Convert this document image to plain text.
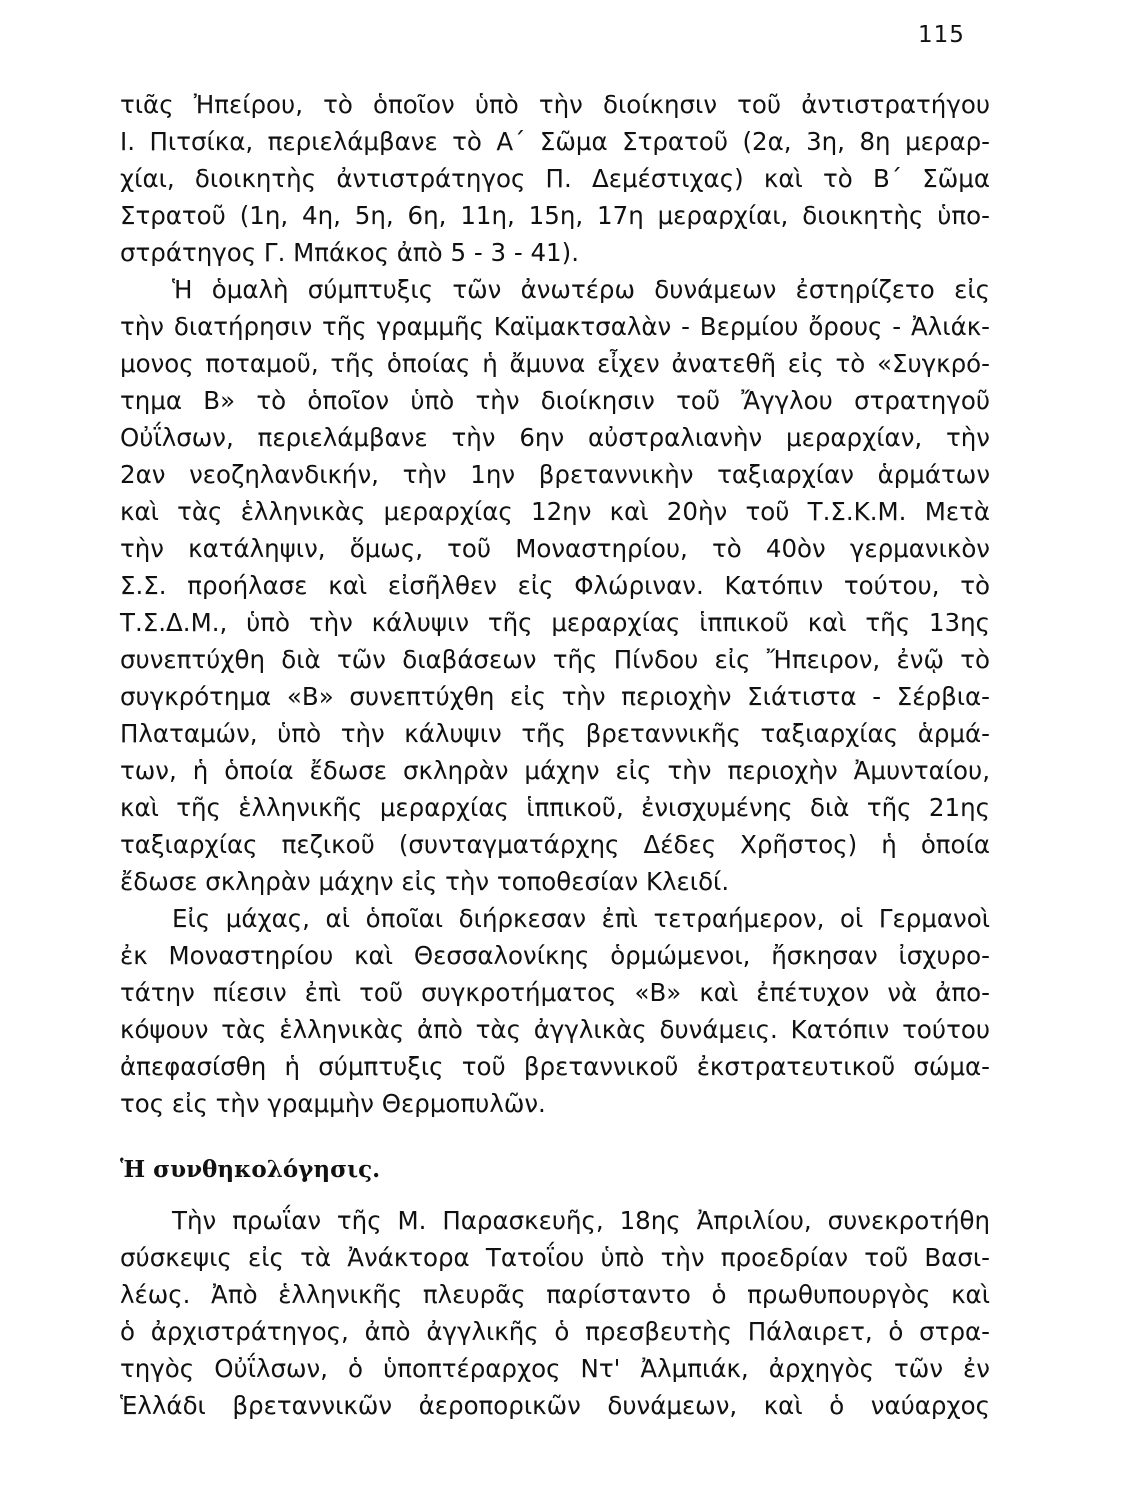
115
τιᾶς Ἠπείρου, τὸ ὁποῖον ὑπὸ τὴν διοίκησιν τοῦ ἀντιστρατήγου
Ι. Πιτσίκα, περιελάμβανε τὸ Α΄ Σῶμα Στρατοῦ (2α, 3η, 8η μεραρ-
χίαι, διοικητὴς ἀντιστράτηγος Π. Δεμέστιχας) καὶ τὸ Β΄ Σῶμα
Στρατοῦ (1η, 4η, 5η, 6η, 11η, 15η, 17η μεραρχίαι, διοικητὴς ὑπο-
στράτηγος Γ. Μπάκος ἀπὸ 5 - 3 - 41).
Ἡ ὁμαλὴ σύμπτυξις τῶν ἀνωτέρω δυνάμεων ἐστηρίζετο εἰς
τὴν διατήρησιν τῆς γραμμῆς Καϊμακτσαλὰν - Βερμίου ὄρους - Ἀλιάκ-
μονος ποταμοῦ, τῆς ὁποίας ἡ ἄμυνα εἶχεν ἀνατεθῆ εἰς τὸ «Συγκρό-
τημα Β» τὸ ὁποῖον ὑπὸ τὴν διοίκησιν τοῦ Ἄγγλου στρατηγοῦ
Οὐΐλσων, περιελάμβανε τὴν 6ην αὐστραλιανὴν μεραρχίαν, τὴν
2αν νεοζηλανδικήν, τὴν 1ην βρεταννικὴν ταξιαρχίαν ἁρμάτων
καὶ τὰς ἑλληνικὰς μεραρχίας 12ην καὶ 20ὴν τοῦ Τ.Σ.Κ.Μ. Μετὰ
τὴν κατάληψιν, ὅμως, τοῦ Μοναστηρίου, τὸ 40ὸν γερμανικὸν
Σ.Σ. προήλασε καὶ εἰσῆλθεν εἰς Φλώριναν. Κατόπιν τούτου, τὸ
Τ.Σ.Δ.Μ., ὑπὸ τὴν κάλυψιν τῆς μεραρχίας ἱππικοῦ καὶ τῆς 13ης
συνεπτύχθη διὰ τῶν διαβάσεων τῆς Πίνδου εἰς Ἤπειρον, ἐνῷ τὸ
συγκρότημα «Β» συνεπτύχθη εἰς τὴν περιοχὴν Σιάτιστα - Σέρβια-
Πλαταμών, ὑπὸ τὴν κάλυψιν τῆς βρεταννικῆς ταξιαρχίας ἁρμά-
των, ἡ ὁποία ἔδωσε σκληρὰν μάχην εἰς τὴν περιοχὴν Ἀμυνταίου,
καὶ τῆς ἑλληνικῆς μεραρχίας ἱππικοῦ, ἐνισχυμένης διὰ τῆς 21ης
ταξιαρχίας πεζικοῦ (συνταγματάρχης Δέδες Χρῆστος) ἡ ὁποία
ἔδωσε σκληρὰν μάχην εἰς τὴν τοποθεσίαν Κλειδί.
Εἰς μάχας, αἱ ὁποῖαι διήρκεσαν ἐπὶ τετραήμερον, οἱ Γερμανοὶ
ἐκ Μοναστηρίου καὶ Θεσσαλονίκης ὁρμώμενοι, ἤσκησαν ἰσχυρο-
τάτην πίεσιν ἐπὶ τοῦ συγκροτήματος «Β» καὶ ἐπέτυχον νὰ ἀπο-
κόψουν τὰς ἑλληνικὰς ἀπὸ τὰς ἀγγλικὰς δυνάμεις. Κατόπιν τούτου
ἀπεφασίσθη ἡ σύμπτυξις τοῦ βρεταννικοῦ ἐκστρατευτικοῦ σώμα-
τος εἰς τὴν γραμμὴν Θερμοπυλῶν.
Ἡ συνθηκολόγησις.
Τὴν πρωΐαν τῆς Μ. Παρασκευῆς, 18ης Ἀπριλίου, συνεκροτήθη
σύσκεψις εἰς τὰ Ἀνάκτορα Τατοΐου ὑπὸ τὴν προεδρίαν τοῦ Βασι-
λέως. Ἀπὸ ἑλληνικῆς πλευρᾶς παρίσταντο ὁ πρωθυπουργὸς καὶ
ὁ ἀρχιστράτηγος, ἀπὸ ἀγγλικῆς ὁ πρεσβευτὴς Πάλαιρετ, ὁ στρα-
τηγὸς Οὐΐλσων, ὁ ὑποπτέραρχος Ντ' Ἀλμπιάκ, ἀρχηγὸς τῶν ἐν
Ἑλλάδι βρεταννικῶν ἀεροπορικῶν δυνάμεων, καὶ ὁ ναύαρχος
